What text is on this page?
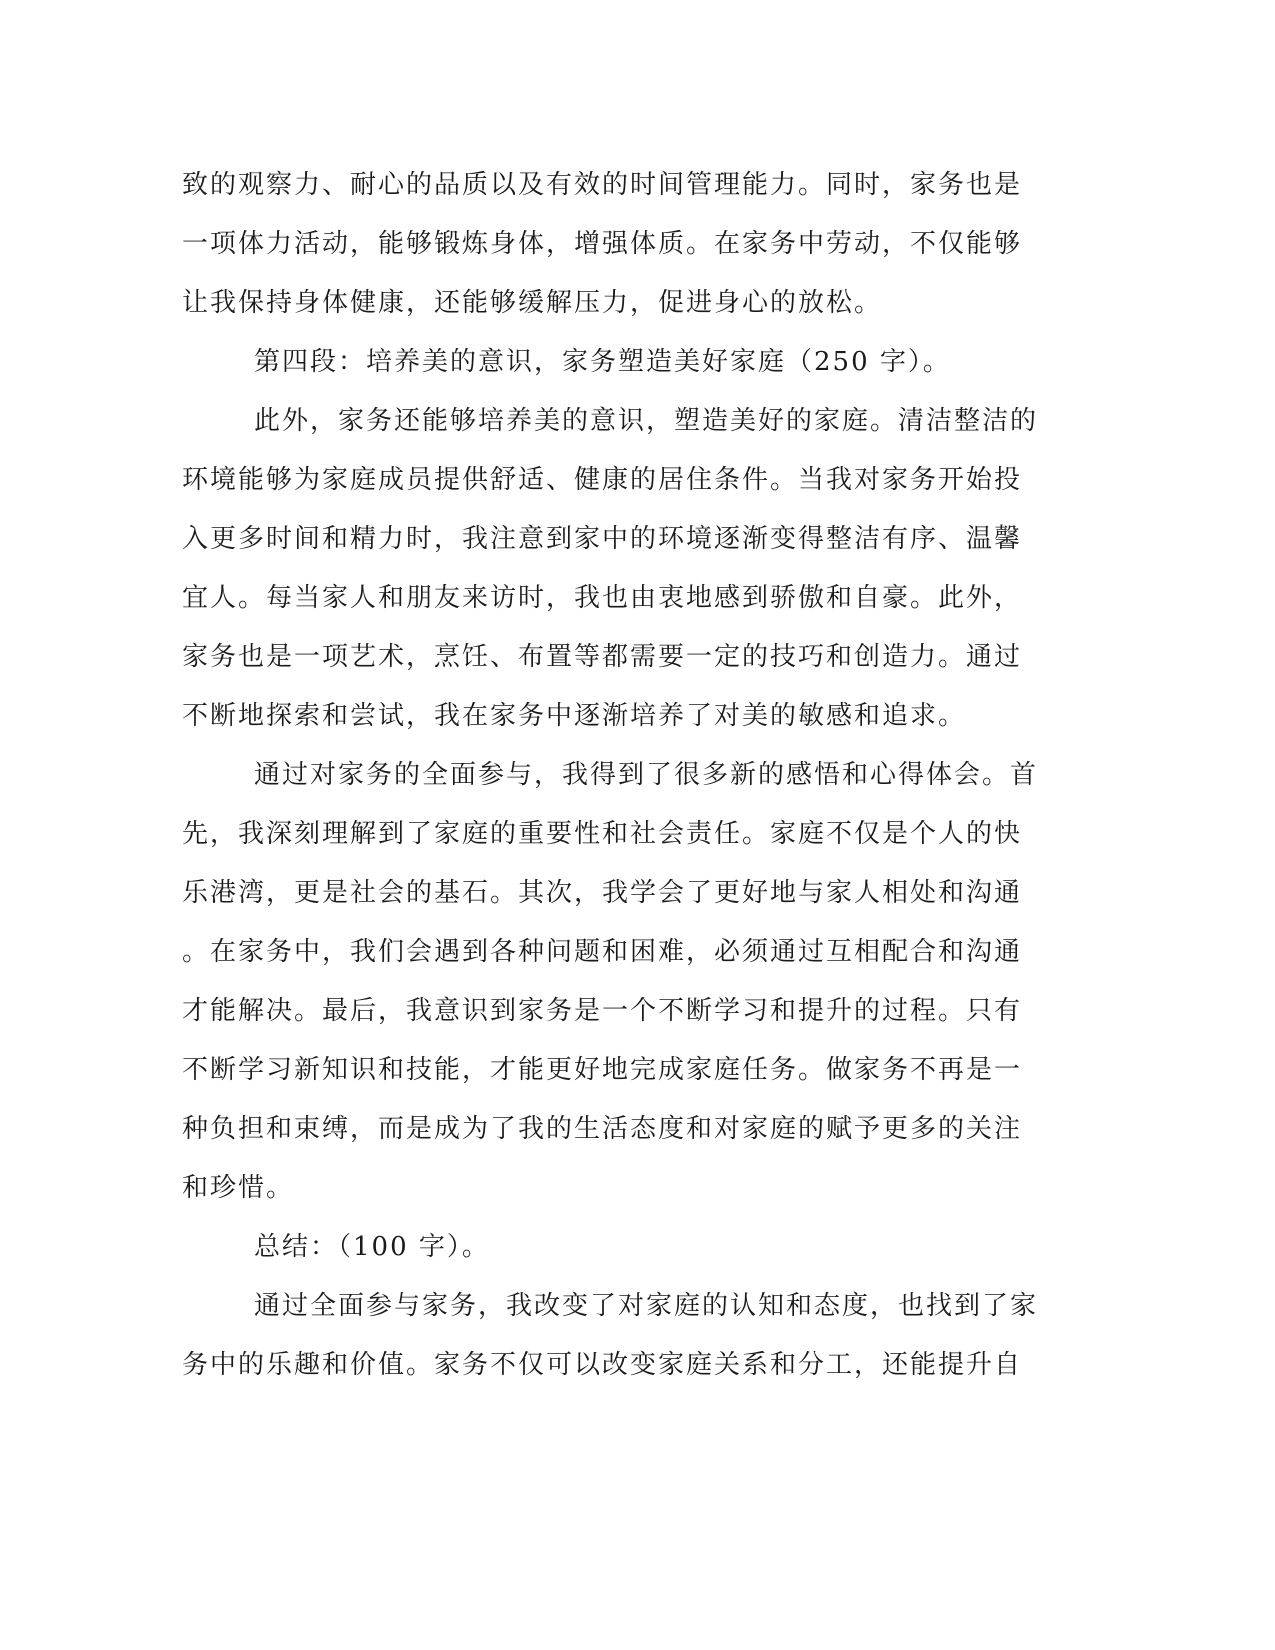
致的观察力、耐心的品质以及有效的时间管理能力。同时，家务也是
一项体力活动，能够锻炼身体，增强体质。在家务中劳动，不仅能够
让我保持身体健康，还能够缓解压力，促进身心的放松。
第四段：培养美的意识，家务塑造美好家庭（250 字）。
此外，家务还能够培养美的意识，塑造美好的家庭。清洁整洁的
环境能够为家庭成员提供舒适、健康的居住条件。当我对家务开始投
入更多时间和精力时，我注意到家中的环境逐渐变得整洁有序、温馨
宜人。每当家人和朋友来访时，我也由衷地感到骄傲和自豪。此外，
家务也是一项艺术，烹饪、布置等都需要一定的技巧和创造力。通过
不断地探索和尝试，我在家务中逐渐培养了对美的敏感和追求。
通过对家务的全面参与，我得到了很多新的感悟和心得体会。首
先，我深刻理解到了家庭的重要性和社会责任。家庭不仅是个人的快
乐港湾，更是社会的基石。其次，我学会了更好地与家人相处和沟通
。在家务中，我们会遇到各种问题和困难，必须通过互相配合和沟通
才能解决。最后，我意识到家务是一个不断学习和提升的过程。只有
不断学习新知识和技能，才能更好地完成家庭任务。做家务不再是一
种负担和束缚，而是成为了我的生活态度和对家庭的赋予更多的关注
和珍惜。
总结：（100 字）。
通过全面参与家务，我改变了对家庭的认知和态度，也找到了家
务中的乐趣和价值。家务不仅可以改变家庭关系和分工，还能提升自
